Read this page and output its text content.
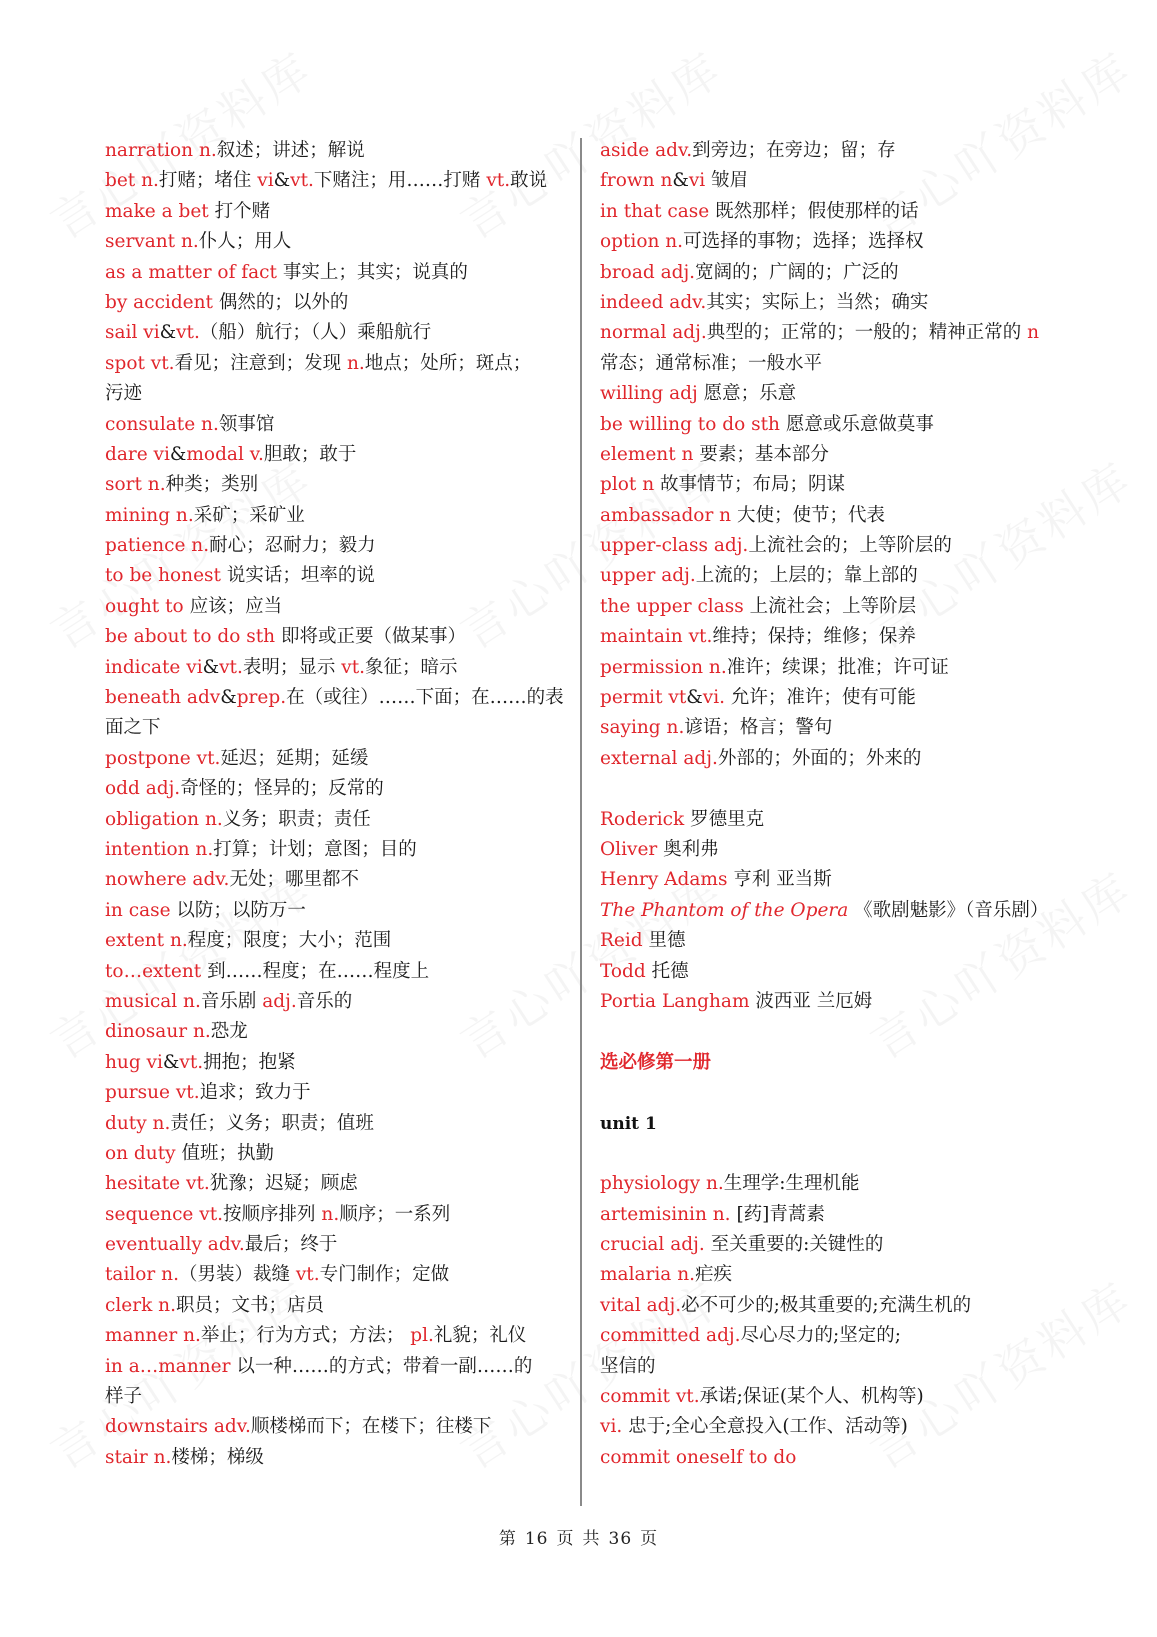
narration n.叙述；讲述；解说
bet n.打赌；堵住 vi&vt.下赌注；用……打赌 vt.敢说
make a bet 打个赌
servant n.仆人；用人
as a matter of fact 事实上；其实；说真的
by accident 偶然的；以外的
sail vi&vt.（船）航行；（人）乘船航行
spot vt.看见；注意到；发现 n.地点；处所；斑点；
污迹
consulate n.领事馆
dare vi&modal v.胆敢；敢于
sort n.种类；类别
mining n.采矿；采矿业
patience n.耐心；忍耐力；毅力
to be honest 说实话；坦率的说
ought to 应该；应当
be about to do sth 即将或正要（做某事）
indicate vi&vt.表明；显示 vt.象征；暗示
beneath adv&prep.在（或往）……下面；在……的表
面之下
postpone vt.延迟；延期；延缓
odd adj.奇怪的；怪异的；反常的
obligation n.义务；职责；责任
intention n.打算；计划；意图；目的
nowhere adv.无处；哪里都不
in case 以防；以防万一
extent n.程度；限度；大小；范围
to…extent 到……程度；在……程度上
musical n.音乐剧 adj.音乐的
dinosaur n.恐龙
hug vi&vt.拥抱；抱紧
pursue vt.追求；致力于
duty n.责任；义务；职责；值班
on duty 值班；执勤
hesitate vt.犹豫；迟疑；顾虑
sequence vt.按顺序排列 n.顺序；一系列
eventually adv.最后；终于
tailor n.（男装）裁缝 vt.专门制作；定做
clerk n.职员；文书；店员
manner n.举止；行为方式；方法； pl.礼貌；礼仪
in a…manner 以一种……的方式；带着一副……的
样子
downstairs adv.顺楼梯而下；在楼下；往楼下
stair n.楼梯；梯级
aside adv.到旁边；在旁边；留；存
frown n&vi 皱眉
in that case 既然那样；假使那样的话
option n.可选择的事物；选择；选择权
broad adj.宽阔的；广阔的；广泛的
indeed adv.其实；实际上；当然；确实
normal adj.典型的；正常的；一般的；精神正常的 n
常态；通常标准；一般水平
willing adj 愿意；乐意
be willing to do sth 愿意或乐意做莫事
element n 要素；基本部分
plot n 故事情节；布局；阴谋
ambassador n 大使；使节；代表
upper-class adj.上流社会的；上等阶层的
upper adj.上流的；上层的；靠上部的
the upper class 上流社会；上等阶层
maintain vt.维持；保持；维修；保养
permission n.准许；续课；批准；许可证
permit vt&vi. 允许；准许；使有可能
saying n.谚语；格言；警句
external adj.外部的；外面的；外来的
Roderick 罗德里克
Oliver 奥利弗
Henry Adams 亨利 亚当斯
The Phantom of the Opera 《歌剧魅影》（音乐剧）
Reid 里德
Todd 托德
Portia Langham 波西亚 兰厄姆
选必修第一册
unit 1
physiology n.生理学:生理机能
artemisinin n. [药]青蒿素
crucial adj. 至关重要的:关键性的
malaria n.疟疾
vital adj.必不可少的;极其重要的;充满生机的
committed adj.尽心尽力的;坚定的;
坚信的
commit vt.承诺;保证(某个人、机构等)
vi. 忠于;全心全意投入(工作、活动等)
commit oneself to do
第 16 页 共 36 页
